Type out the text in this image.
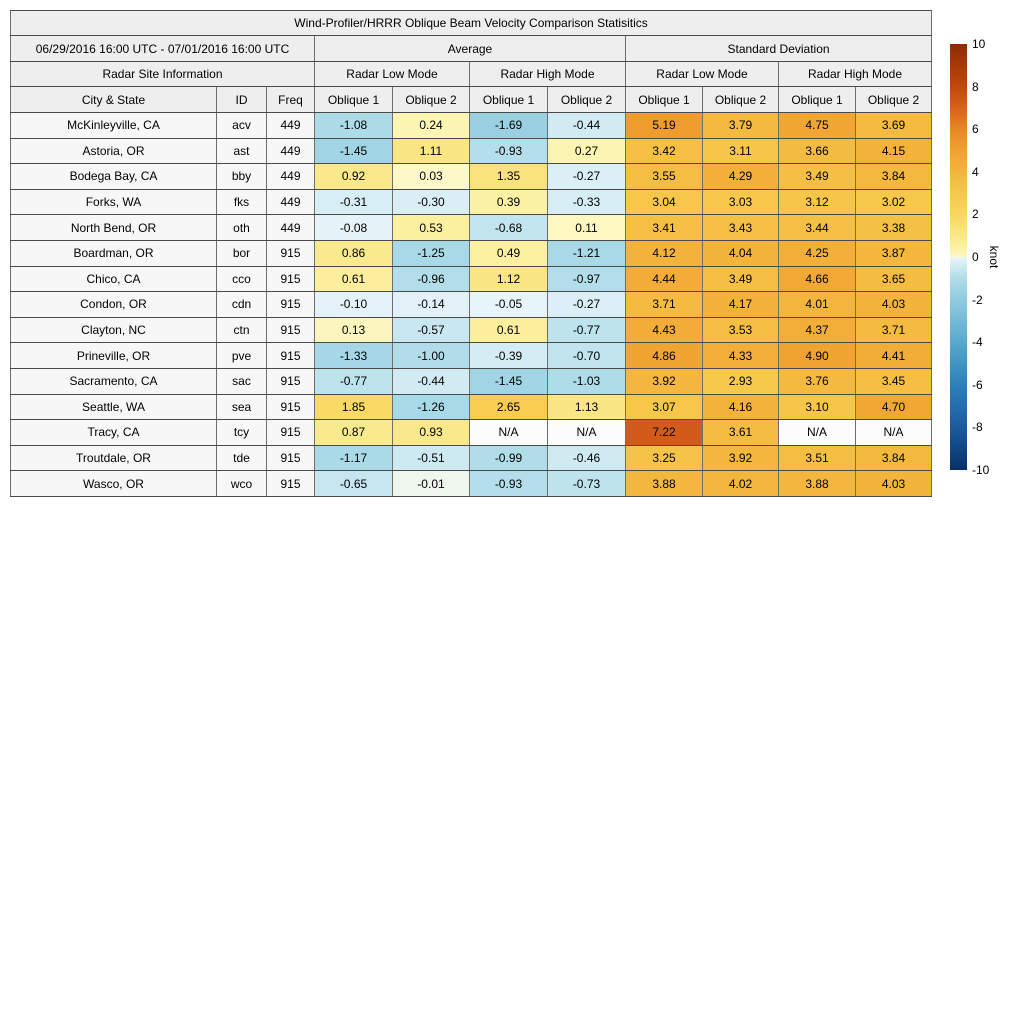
Wind-Profiler/HRRR Oblique Beam Velocity Comparison Statisitics										
06/29/2016 16:00 UTC - 07/01/2016 16:00 UTC			Average				Standard Deviation			
Radar Site Information			Radar Low Mode		Radar High Mode		Radar Low Mode		Radar High Mode	
City & State	ID	Freq	Oblique 1	Oblique 2	Oblique 1	Oblique 2	Oblique 1	Oblique 2	Oblique 1	Oblique 2
McKinleyville, CA	acv	449	-1.08	0.24	-1.69	-0.44	5.19	3.79	4.75	3.69
Astoria, OR	ast	449	-1.45	1.11	-0.93	0.27	3.42	3.11	3.66	4.15
Bodega Bay, CA	bby	449	0.92	0.03	1.35	-0.27	3.55	4.29	3.49	3.84
Forks, WA	fks	449	-0.31	-0.30	0.39	-0.33	3.04	3.03	3.12	3.02
North Bend, OR	oth	449	-0.08	0.53	-0.68	0.11	3.41	3.43	3.44	3.38
Boardman, OR	bor	915	0.86	-1.25	0.49	-1.21	4.12	4.04	4.25	3.87
Chico, CA	cco	915	0.61	-0.96	1.12	-0.97	4.44	3.49	4.66	3.65
Condon, OR	cdn	915	-0.10	-0.14	-0.05	-0.27	3.71	4.17	4.01	4.03
Clayton, NC	ctn	915	0.13	-0.57	0.61	-0.77	4.43	3.53	4.37	3.71
Prineville, OR	pve	915	-1.33	-1.00	-0.39	-0.70	4.86	4.33	4.90	4.41
Sacramento, CA	sac	915	-0.77	-0.44	-1.45	-1.03	3.92	2.93	3.76	3.45
Seattle, WA	sea	915	1.85	-1.26	2.65	1.13	3.07	4.16	3.10	4.70
Tracy, CA	tcy	915	0.87	0.93	N/A	N/A	7.22	3.61	N/A	N/A
Troutdale, OR	tde	915	-1.17	-0.51	-0.99	-0.46	3.25	3.92	3.51	3.84
Wasco, OR	wco	915	-0.65	-0.01	-0.93	-0.73	3.88	4.02	3.88	4.03
10
8
6
4
2
0
-2
-4
-6
-8
-10
knot
